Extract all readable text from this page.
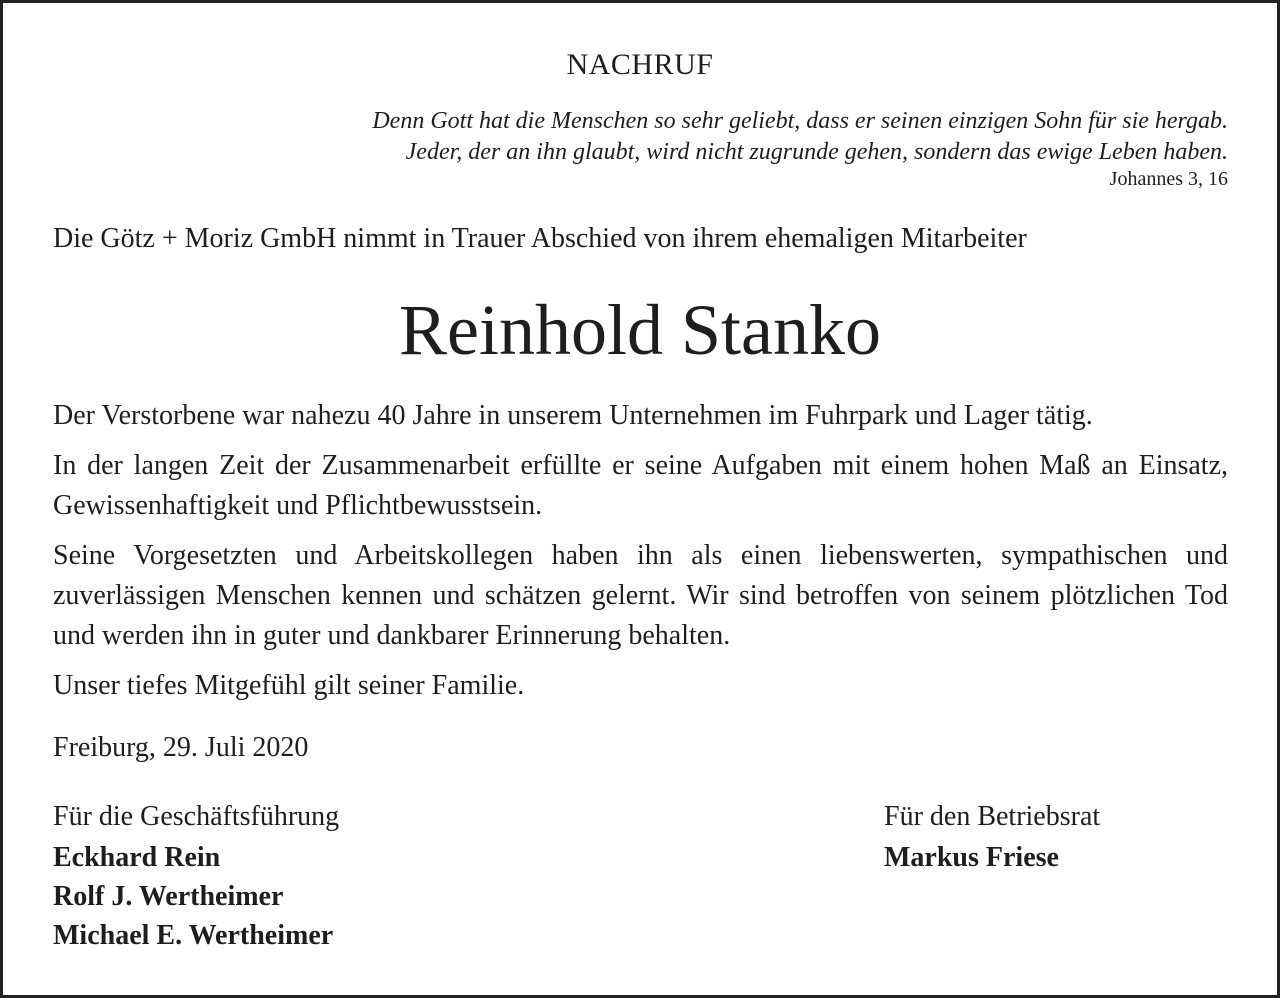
NACHRUF
Denn Gott hat die Menschen so sehr geliebt, dass er seinen einzigen Sohn für sie hergab.
Jeder, der an ihn glaubt, wird nicht zugrunde gehen, sondern das ewige Leben haben.
Johannes 3, 16
Die Götz + Moriz GmbH nimmt in Trauer Abschied von ihrem ehemaligen Mitarbeiter
Reinhold Stanko

Der Verstorbene war nahezu 40 Jahre in unserem Unternehmen im Fuhrpark und Lager tätig.

In der langen Zeit der Zusammenarbeit erfüllte er seine Aufgaben mit einem hohen Maß an Einsatz, Gewissenhaftigkeit und Pflichtbewusstsein.

Seine Vorgesetzten und Arbeitskollegen haben ihn als einen liebenswerten, sympathischen und zuverlässigen Menschen kennen und schätzen gelernt. Wir sind betroffen von seinem plötzlichen Tod und werden ihn in guter und dankbarer Erinnerung behalten.

Unser tiefes Mitgefühl gilt seiner Familie.

Freiburg, 29. Juli 2020
Für die Geschäftsführung
Eckhard Rein
Rolf J. Wertheimer
Michael E. Wertheimer
Für den Betriebsrat
Markus Friese
